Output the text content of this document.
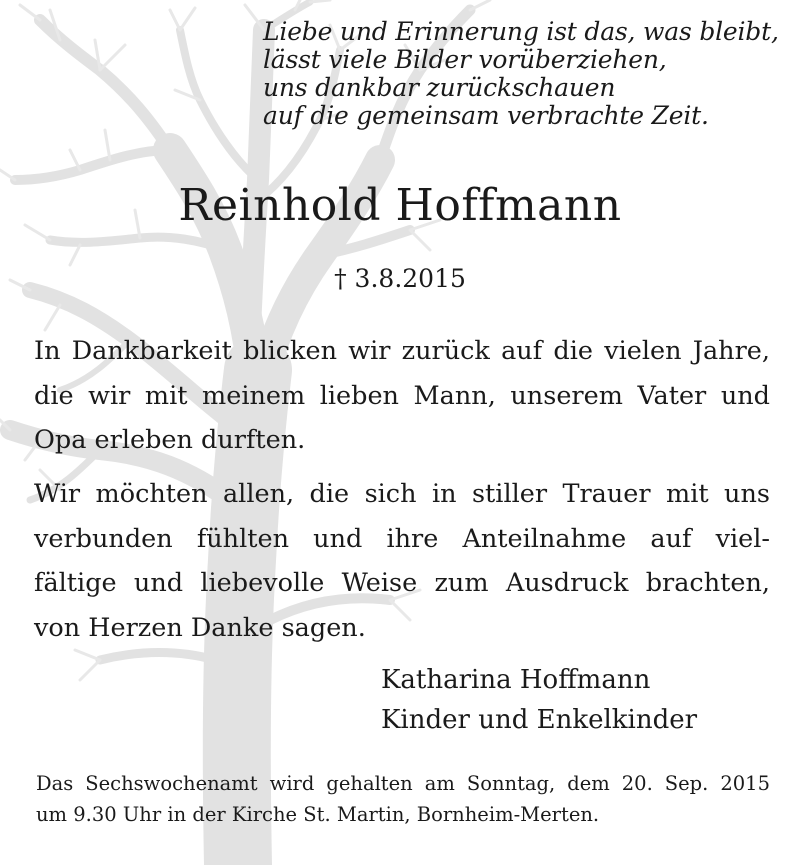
Liebe und Erinnerung ist das, was bleibt,
lässt viele Bilder vorüberziehen,
uns dankbar zurückschauen
auf die gemeinsam verbrachte Zeit.
Reinhold Hoffmann
† 3.8.2015
In Dankbarkeit blicken wir zurück auf die vielen Jahre,
die wir mit meinem lieben Mann, unserem Vater und
Opa erleben durften.
Wir möchten allen, die sich in stiller Trauer mit uns
verbunden fühlten und ihre Anteilnahme auf viel-
fältige und liebevolle Weise zum Ausdruck brachten,
von Herzen Danke sagen.
Katharina Hoffmann
Kinder und Enkelkinder
Das Sechswochenamt wird gehalten am Sonntag, dem 20. Sep. 2015
um 9.30 Uhr in der Kirche St. Martin, Bornheim-Merten.
